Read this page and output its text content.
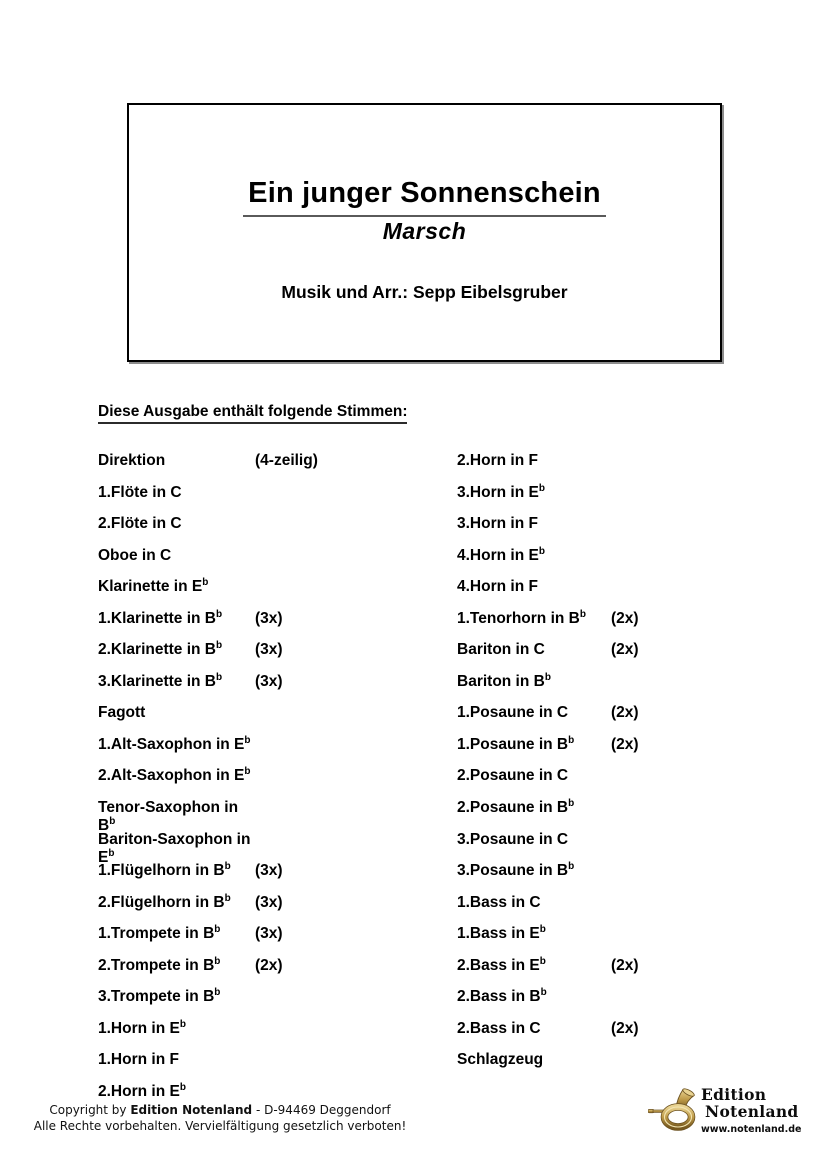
Ein junger Sonnenschein
Marsch
Musik und Arr.: Sepp Eibelsgruber
Diese Ausgabe enthält folgende Stimmen:
Direktion	(4-zeilig)
1.Flöte in C
2.Flöte in C
Oboe in C
Klarinette in $E^b$
1.Klarinette in $B^b$	(3x)
2.Klarinette in $B^b$	(3x)
3.Klarinette in $B^b$	(3x)
Fagott
1.Alt-Saxophon in $E^b$
2.Alt-Saxophon in $E^b$
Tenor-Saxophon in $B^b$
Bariton-Saxophon in $E^b$
1.Flügelhorn in $B^b$	(3x)
2.Flügelhorn in $B^b$	(3x)
1.Trompete in $B^b$	(3x)
2.Trompete in $B^b$	(2x)
3.Trompete in $B^b$
1.Horn in $E^b$
1.Horn in F
2.Horn in $E^b$
2.Horn in F
3.Horn in $E^b$
3.Horn in F
4.Horn in $E^b$
4.Horn in F
1.Tenorhorn in $B^b$	(2x)
Bariton in C	(2x)
Bariton in $B^b$
1.Posaune in C	(2x)
1.Posaune in $B^b$	(2x)
2.Posaune in C
2.Posaune in $B^b$
3.Posaune in C
3.Posaune in $B^b$
1.Bass in C
1.Bass in $E^b$
2.Bass in $E^b$	(2x)
2.Bass in $B^b$
2.Bass in C	(2x)
Schlagzeug
Copyright by Edition Notenland - D-94469 Deggendorf
Alle Rechte vorbehalten. Vervielfältigung gesetzlich verboten!
Edition
Notenland
www.notenland.de
